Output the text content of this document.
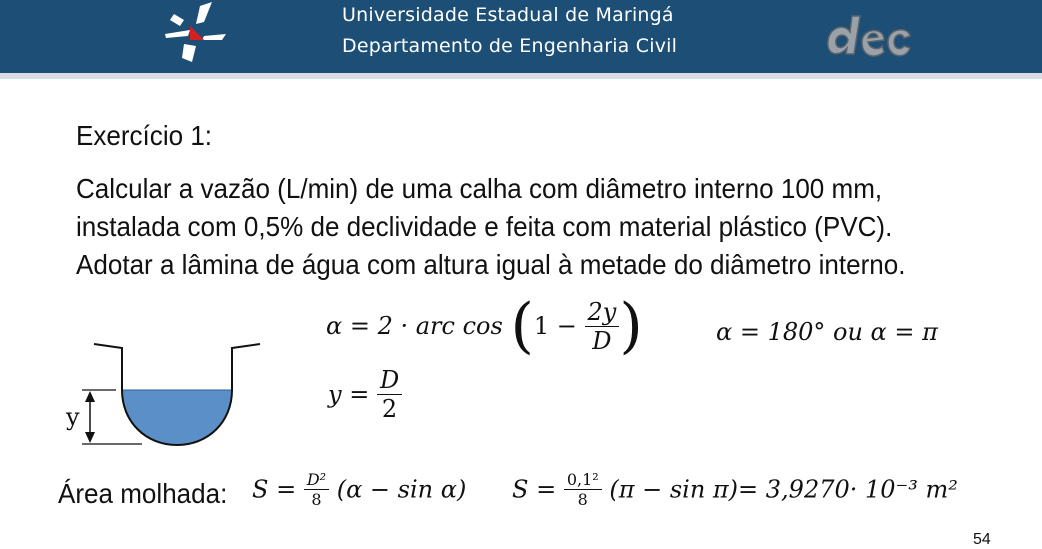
Universidade Estadual de Maringá
Departamento de Engenharia Civil
Exercício 1:
Calcular a vazão (L/min) de uma calha com diâmetro interno 100 mm,
instalada com 0,5% de declividade e feita com material plástico (PVC).
Adotar a lâmina de água com altura igual à metade do diâmetro interno.
α = 2 · arc $\cos (1 - \frac{2y}{D}$ )	α = 180° ou α = π
$y = \frac{D}{2}$
y
Área molhada: $S = \frac{\text{D²}}{8} (\alpha - \sin \alpha) S = \frac{\text{0,1²}}{8} (\pi - \sin \pi)= 3,9270\cdot 10^{-3}$ m²
54
